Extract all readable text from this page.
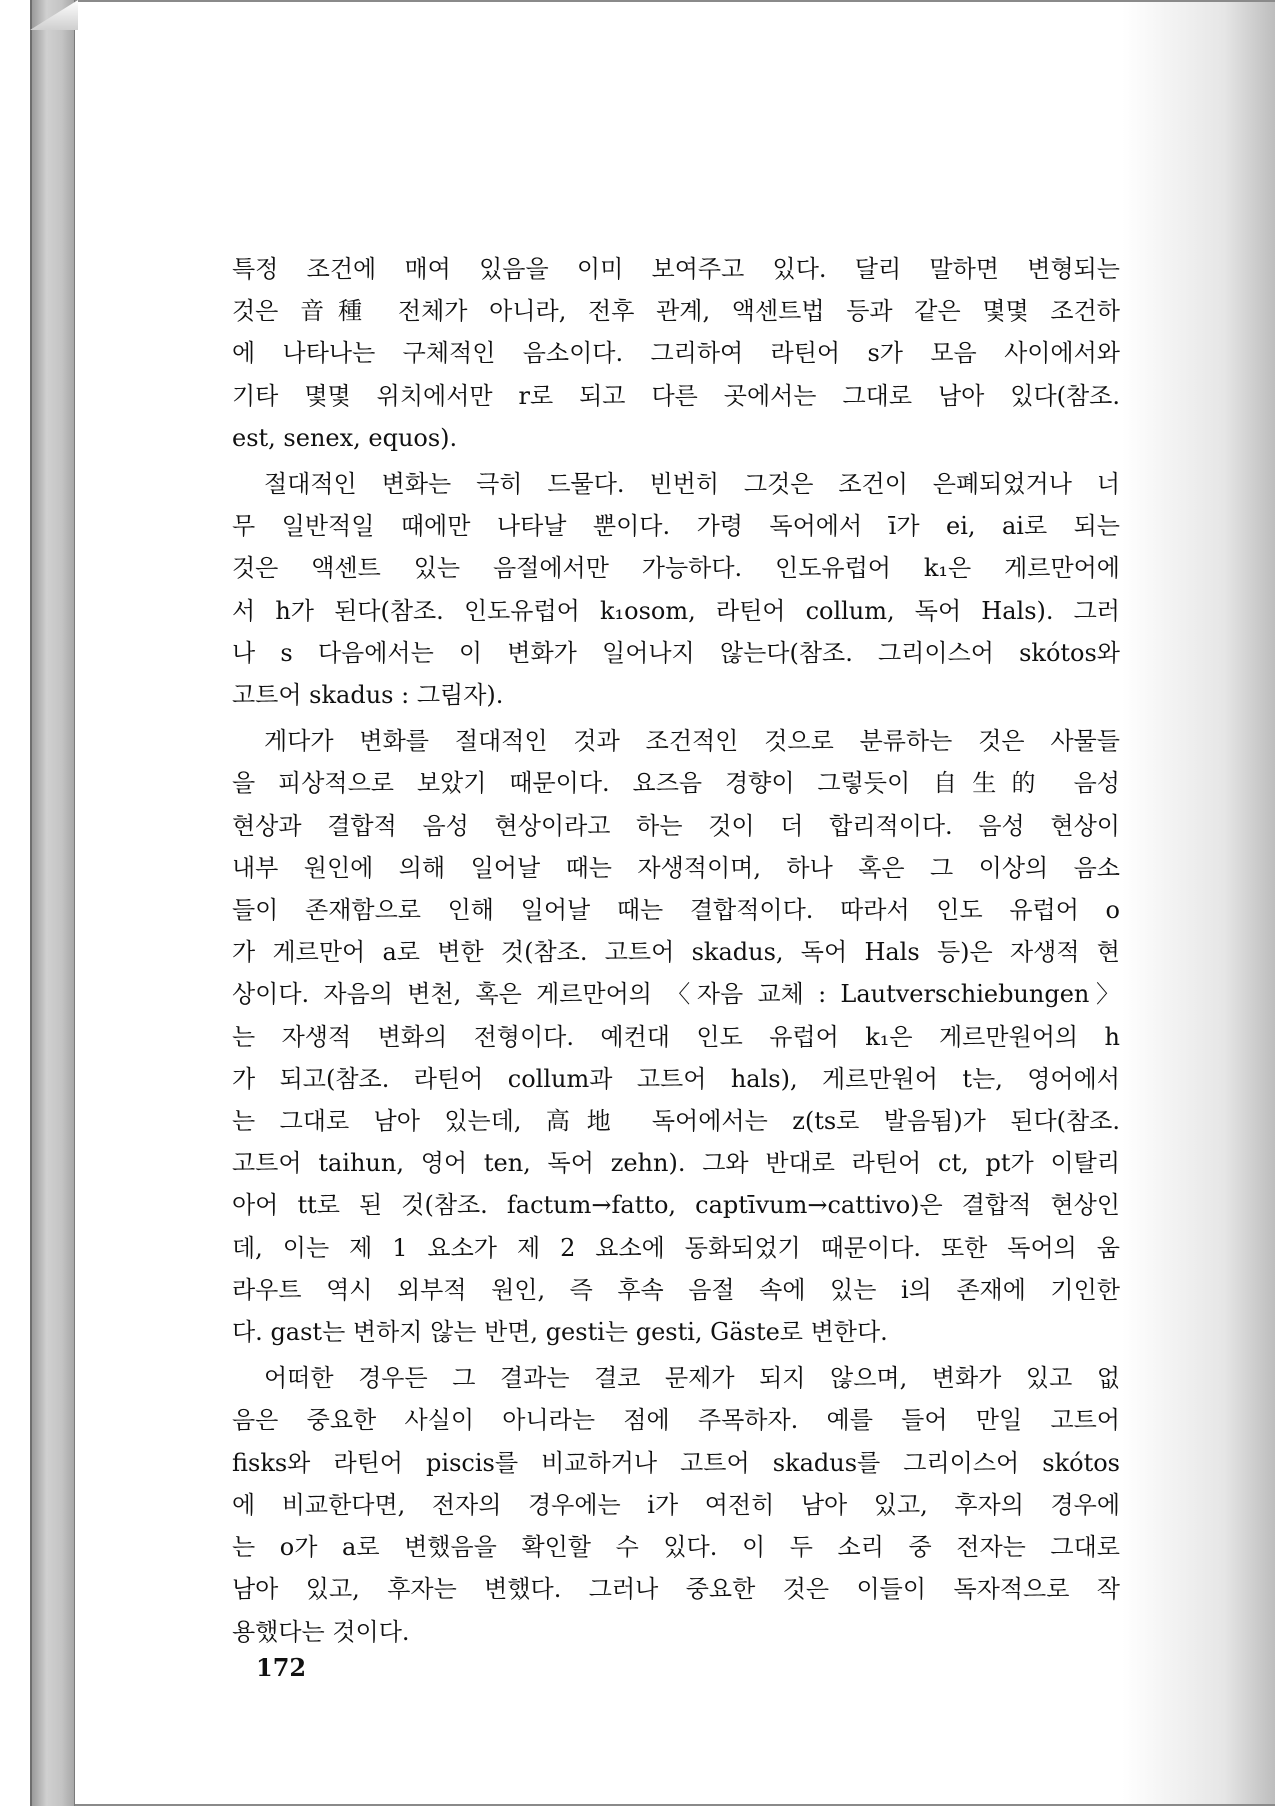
특정 조건에 매여 있음을 이미 보여주고 있다. 달리 말하면 변형되는
것은 音種 전체가 아니라, 전후 관계, 액센트법 등과 같은 몇몇 조건하
에 나타나는 구체적인 음소이다. 그리하여 라틴어 s가 모음 사이에서와
기타 몇몇 위치에서만 r로 되고 다른 곳에서는 그대로 남아 있다(참조.
est, senex, equos).
절대적인 변화는 극히 드물다. 빈번히 그것은 조건이 은폐되었거나 너
무 일반적일 때에만 나타날 뿐이다. 가령 독어에서 ī가 ei, ai로 되는
것은 액센트 있는 음절에서만 가능하다. 인도유럽어 k₁은 게르만어에
서 h가 된다(참조. 인도유럽어 k₁osom, 라틴어 collum, 독어 Hals). 그러
나 s 다음에서는 이 변화가 일어나지 않는다(참조. 그리이스어 skótos와
고트어 skadus : 그림자).
게다가 변화를 절대적인 것과 조건적인 것으로 분류하는 것은 사물들
을 피상적으로 보았기 때문이다. 요즈음 경향이 그렇듯이 自生的 음성
현상과 결합적 음성 현상이라고 하는 것이 더 합리적이다. 음성 현상이
내부 원인에 의해 일어날 때는 자생적이며, 하나 혹은 그 이상의 음소
들이 존재함으로 인해 일어날 때는 결합적이다. 따라서 인도 유럽어 o
가 게르만어 a로 변한 것(참조. 고트어 skadus, 독어 Hals 등)은 자생적 현
상이다. 자음의 변천, 혹은 게르만어의 〈자음 교체 : Lautverschiebungen〉
는 자생적 변화의 전형이다. 예컨대 인도 유럽어 k₁은 게르만원어의 h
가 되고(참조. 라틴어 collum과 고트어 hals), 게르만원어 t는, 영어에서
는 그대로 남아 있는데, 高地 독어에서는 z(ts로 발음됨)가 된다(참조.
고트어 taihun, 영어 ten, 독어 zehn). 그와 반대로 라틴어 ct, pt가 이탈리
아어 tt로 된 것(참조. factum→fatto, captīvum→cattivo)은 결합적 현상인
데, 이는 제 1 요소가 제 2 요소에 동화되었기 때문이다. 또한 독어의 움
라우트 역시 외부적 원인, 즉 후속 음절 속에 있는 i의 존재에 기인한
다. gast는 변하지 않는 반면, gesti는 gesti, Gäste로 변한다.
어떠한 경우든 그 결과는 결코 문제가 되지 않으며, 변화가 있고 없
음은 중요한 사실이 아니라는 점에 주목하자. 예를 들어 만일 고트어
fisks와 라틴어 piscis를 비교하거나 고트어 skadus를 그리이스어 skótos
에 비교한다면, 전자의 경우에는 i가 여전히 남아 있고, 후자의 경우에
는 o가 a로 변했음을 확인할 수 있다. 이 두 소리 중 전자는 그대로
남아 있고, 후자는 변했다. 그러나 중요한 것은 이들이 독자적으로 작
용했다는 것이다.
172
